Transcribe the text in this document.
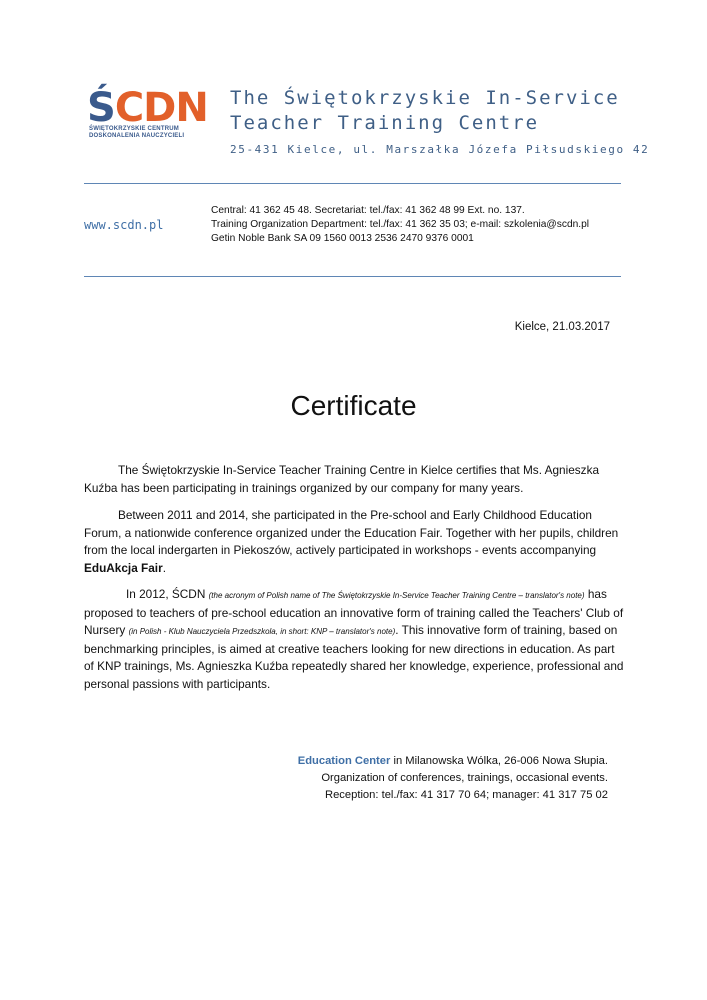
ŚCDN
ŚWIĘTOKRZYSKIE CENTRUM
DOSKONALENIA NAUCZYCIELI
The Świętokrzyskie In-Service
Teacher Training Centre
25-431 Kielce, ul. Marszałka Józefa Piłsudskiego 42
www.scdn.pl
Central: 41 362 45 48. Secretariat: tel./fax: 41 362 48 99 Ext. no. 137.
Training Organization Department: tel./fax: 41 362 35 03; e-mail: szkolenia@scdn.pl
Getin Noble Bank SA 09 1560 0013 2536 2470 9376 0001
Kielce, 21.03.2017
Certificate

The Świętokrzyskie In-Service Teacher Training Centre in Kielce certifies that Ms. Agnieszka Kuźba has been participating in trainings organized by our company for many years.

Between 2011 and 2014, she participated in the Pre-school and Early Childhood Education Forum, a nationwide conference organized under the Education Fair. Together with her pupils, children from the local indergarten in Piekoszów, actively participated in workshops - events accompanying EduAkcja Fair.

In 2012, ŚCDN (the acronym of Polish name of The Świętokrzyskie In-Service Teacher Training Centre – translator's note) has proposed to teachers of pre-school education an innovative form of training called the Teachers' Club of Nursery (in Polish - Klub Nauczyciela Przedszkola, in short: KNP – translator's note). This innovative form of training, based on benchmarking principles, is aimed at creative teachers looking for new directions in education. As part of KNP trainings, Ms. Agnieszka Kuźba repeatedly shared her knowledge, experience, professional and personal passions with participants.

Education Center in Milanowska Wólka, 26-006 Nowa Słupia.
Organization of conferences, trainings, occasional events.
Reception: tel./fax: 41 317 70 64; manager: 41 317 75 02
